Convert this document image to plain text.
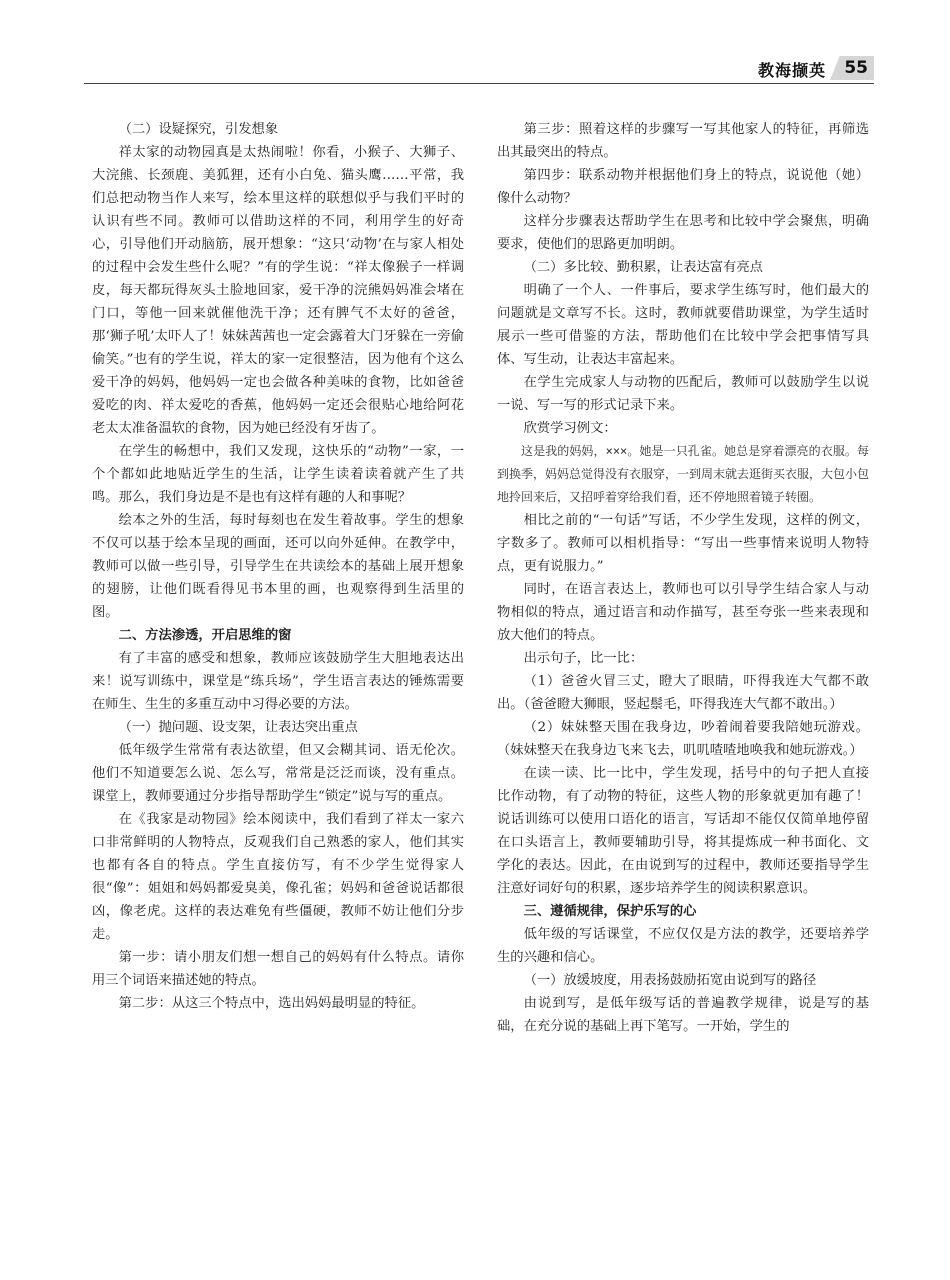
教海撷英 55
（二）设疑探究，引发想象

祥太家的动物园真是太热闹啦！你看，小猴子、大狮子、大浣熊、长颈鹿、美狐狸，还有小白兔、猫头鹰……平常，我们总把动物当作人来写，绘本里这样的联想似乎与我们平时的认识有些不同。教师可以借助这样的不同，利用学生的好奇心，引导他们开动脑筋，展开想象：“这只‘动物’在与家人相处的过程中会发生些什么呢？”有的学生说：“祥太像猴子一样调皮，每天都玩得灰头土脸地回家，爱干净的浣熊妈妈准会堵在门口，等他一回来就催他洗干净；还有脾气不太好的爸爸，那‘狮子吼’太吓人了！妹妹茜茜也一定会露着大门牙躲在一旁偷偷笑。”也有的学生说，祥太的家一定很整洁，因为他有个这么爱干净的妈妈，他妈妈一定也会做各种美味的食物，比如爸爸爱吃的肉、祥太爱吃的香蕉，他妈妈一定还会很贴心地给阿花老太太准备温软的食物，因为她已经没有牙齿了。

在学生的畅想中，我们又发现，这快乐的“动物”一家，一个个都如此地贴近学生的生活，让学生读着读着就产生了共鸣。那么，我们身边是不是也有这样有趣的人和事呢？

绘本之外的生活，每时每刻也在发生着故事。学生的想象不仅可以基于绘本呈现的画面，还可以向外延伸。在教学中，教师可以做一些引导，引导学生在共读绘本的基础上展开想象的翅膀，让他们既看得见书本里的画，也观察得到生活里的图。

二、方法渗透，开启思维的窗

有了丰富的感受和想象，教师应该鼓励学生大胆地表达出来！说写训练中，课堂是“练兵场”，学生语言表达的锤炼需要在师生、生生的多重互动中习得必要的方法。

（一）抛问题、设支架，让表达突出重点

低年级学生常常有表达欲望，但又会糊其词、语无伦次。他们不知道要怎么说、怎么写，常常是泛泛而谈，没有重点。课堂上，教师要通过分步指导帮助学生“锁定”说与写的重点。

在《我家是动物园》绘本阅读中，我们看到了祥太一家六口非常鲜明的人物特点，反观我们自己熟悉的家人，他们其实也都有各自的特点。学生直接仿写，有不少学生觉得家人很“像”：姐姐和妈妈都爱臭美，像孔雀；妈妈和爸爸说话都很凶，像老虎。这样的表达难免有些僵硬，教师不妨让他们分步走。

第一步：请小朋友们想一想自己的妈妈有什么特点。请你用三个词语来描述她的特点。

第二步：从这三个特点中，选出妈妈最明显的特征。

第三步：照着这样的步骤写一写其他家人的特征，再筛选出其最突出的特点。

第四步：联系动物并根据他们身上的特点，说说他（她）像什么动物？

这样分步骤表达帮助学生在思考和比较中学会聚焦，明确要求，使他们的思路更加明朗。

（二）多比较、勤积累，让表达富有亮点

明确了一个人、一件事后，要求学生练写时，他们最大的问题就是文章写不长。这时，教师就要借助课堂，为学生适时展示一些可借鉴的方法，帮助他们在比较中学会把事情写具体、写生动，让表达丰富起来。

在学生完成家人与动物的匹配后，教师可以鼓励学生以说一说、写一写的形式记录下来。

欣赏学习例文：

这是我的妈妈，×××。她是一只孔雀。她总是穿着漂亮的衣服。每到换季，妈妈总觉得没有衣服穿，一到周末就去逛街买衣服，大包小包地拎回来后，又招呼着穿给我们看，还不停地照着镜子转圈。

相比之前的“一句话”写话，不少学生发现，这样的例文，字数多了。教师可以相机指导：“写出一些事情来说明人物特点，更有说服力。”

同时，在语言表达上，教师也可以引导学生结合家人与动物相似的特点，通过语言和动作描写，甚至夸张一些来表现和放大他们的特点。

出示句子，比一比：

（1）爸爸火冒三丈，瞪大了眼睛，吓得我连大气都不敢出。（爸爸瞪大狮眼，竖起鬃毛，吓得我连大气都不敢出。）

（2）妹妹整天围在我身边，吵着闹着要我陪她玩游戏。（妹妹整天在我身边飞来飞去，叽叽喳喳地唤我和她玩游戏。）

在读一读、比一比中，学生发现，括号中的句子把人直接比作动物，有了动物的特征，这些人物的形象就更加有趣了！说话训练可以使用口语化的语言，写话却不能仅仅简单地停留在口头语言上，教师要辅助引导，将其提炼成一种书面化、文学化的表达。因此，在由说到写的过程中，教师还要指导学生注意好词好句的积累，逐步培养学生的阅读积累意识。

三、遵循规律，保护乐写的心

低年级的写话课堂，不应仅仅是方法的教学，还要培养学生的兴趣和信心。

（一）放缓坡度，用表扬鼓励拓宽由说到写的路径

由说到写，是低年级写话的普遍教学规律，说是写的基础，在充分说的基础上再下笔写。一开始，学生的
